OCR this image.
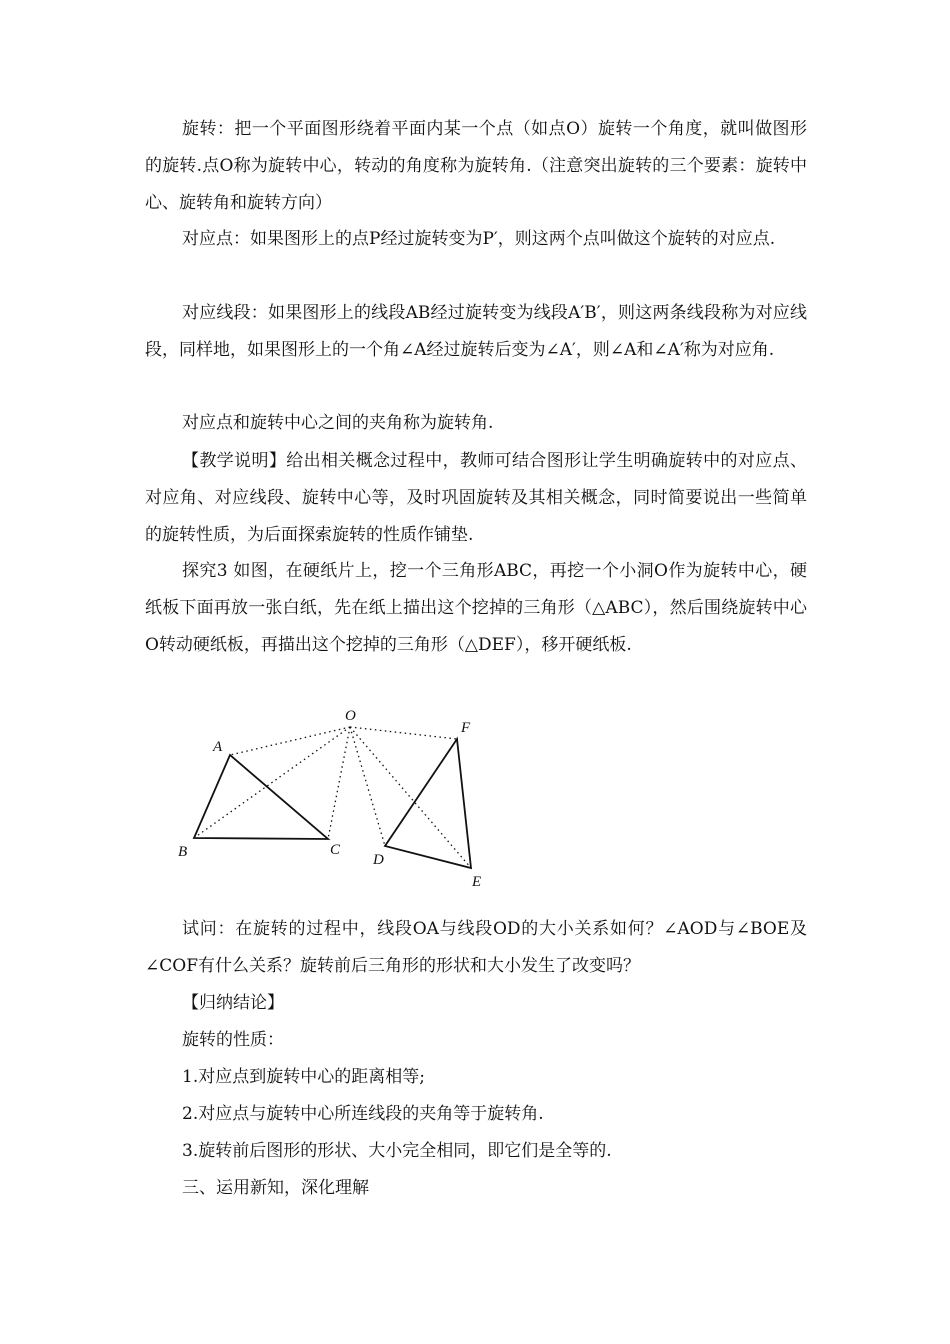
旋转：把一个平面图形绕着平面内某一个点（如点O）旋转一个角度，就叫做图形的旋转.点O称为旋转中心，转动的角度称为旋转角.（注意突出旋转的三个要素：旋转中心、旋转角和旋转方向）

对应点：如果图形上的点P经过旋转变为P′，则这两个点叫做这个旋转的对应点.

对应线段：如果图形上的线段AB经过旋转变为线段A′B′，则这两条线段称为对应线段，同样地，如果图形上的一个角∠A经过旋转后变为∠A′，则∠A和∠A′称为对应角.

对应点和旋转中心之间的夹角称为旋转角.

【教学说明】给出相关概念过程中，教师可结合图形让学生明确旋转中的对应点、对应角、对应线段、旋转中心等，及时巩固旋转及其相关概念，同时简要说出一些简单的旋转性质，为后面探索旋转的性质作铺垫.

探究3 如图，在硬纸片上，挖一个三角形ABC，再挖一个小洞O作为旋转中心，硬纸板下面再放一张白纸，先在纸上描出这个挖掉的三角形（△ABC），然后围绕旋转中心O转动硬纸板，再描出这个挖掉的三角形（△DEF），移开硬纸板.

O
A
B	C
D
E
F

试问：在旋转的过程中，线段OA与线段OD的大小关系如何？∠AOD与∠BOE及∠COF有什么关系？旋转前后三角形的形状和大小发生了改变吗？

【归纳结论】

旋转的性质：

1.对应点到旋转中心的距离相等;

2.对应点与旋转中心所连线段的夹角等于旋转角.

3.旋转前后图形的形状、大小完全相同，即它们是全等的.

三、运用新知，深化理解
